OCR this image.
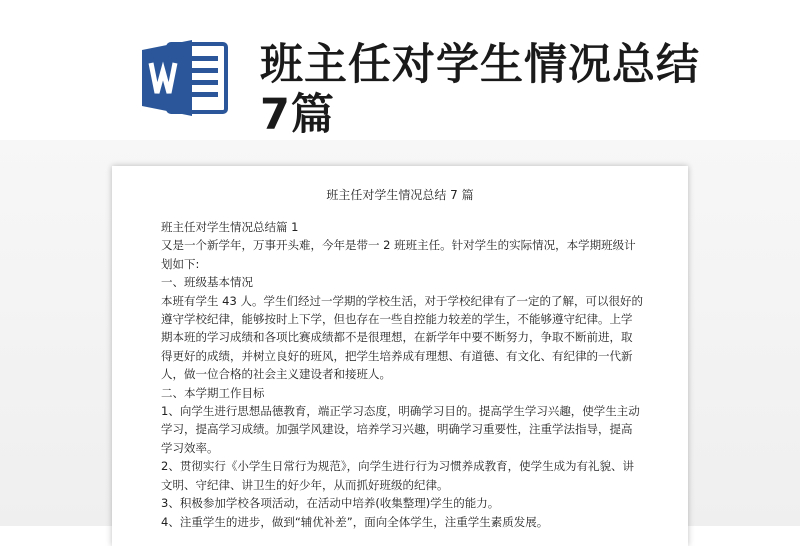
班主任对学生情况总结7篇
班主任对学生情况总结 7 篇

班主任对学生情况总结篇 1

又是一个新学年，万事开头难，今年是带一 2 班班主任。针对学生的实际情况，本学期班级计划如下:

一、班级基本情况

本班有学生 43 人。学生们经过一学期的学校生活，对于学校纪律有了一定的了解，可以很好的遵守学校纪律，能够按时上下学，但也存在一些自控能力较差的学生，不能够遵守纪律。上学期本班的学习成绩和各项比赛成绩都不是很理想，在新学年中要不断努力，争取不断前进，取得更好的成绩，并树立良好的班风，把学生培养成有理想、有道德、有文化、有纪律的一代新人，做一位合格的社会主义建设者和接班人。

二、本学期工作目标

1、向学生进行思想品德教育，端正学习态度，明确学习目的。提高学生学习兴趣，使学生主动学习，提高学习成绩。加强学风建设，培养学习兴趣，明确学习重要性，注重学法指导，提高学习效率。

2、贯彻实行《小学生日常行为规范》，向学生进行行为习惯养成教育，使学生成为有礼貌、讲文明、守纪律、讲卫生的好少年，从而抓好班级的纪律。

3、积极参加学校各项活动，在活动中培养(收集整理)学生的能力。

4、注重学生的进步，做到“辅优补差”，面向全体学生，注重学生素质发展。
